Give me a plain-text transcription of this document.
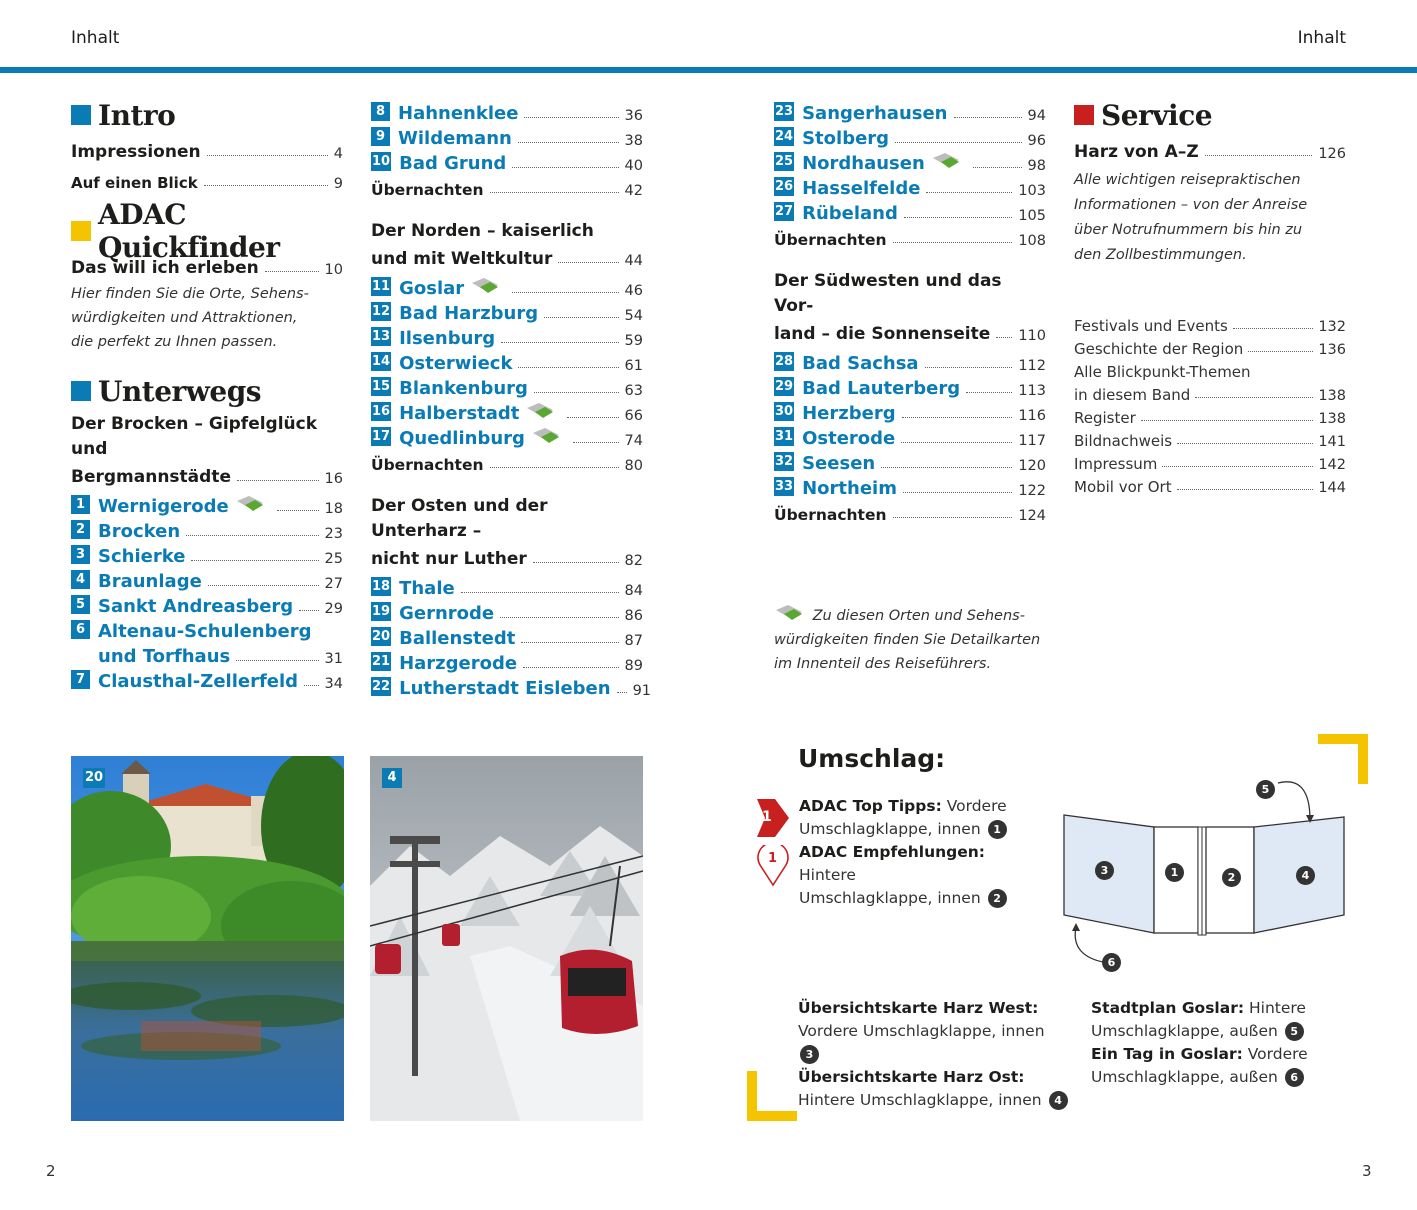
Inhalt	Inhalt
Intro
Impressionen	4
Auf einen Blick	9
ADAC Quickfinder
Das will ich erleben	10
Hier finden Sie die Orte, Sehens-
würdigkeiten und Attraktionen,
die perfekt zu Ihnen passen.
Unterwegs
Der Brocken – Gipfelglück und
Bergmannstädte	16
1 Wernigerode	18
2 Brocken	23
3 Schierke	25
4 Braunlage	27
5 Sankt Andreasberg 29
6 Altenau-Schulenberg
und Torfhaus	31
7 Clausthal-Zellerfeld 34
8 Hahnenklee	36
9 Wildemann	38
10 Bad Grund	40
Übernachten	42
Der Norden – kaiserlich
und mit Weltkultur	44
11 Goslar	46
12 Bad Harzburg	54
13 Ilsenburg	59
14 Osterwieck	61
15 Blankenburg	63
16 Halberstadt	66
17 Quedlinburg	74
Übernachten	80
Der Osten und der Unterharz –
nicht nur Luther	82
18 Thale	84
19 Gernrode	86
20 Ballenstedt	87
21 Harzgerode	89
22 Lutherstadt Eisleben 91
23 Sangerhausen	94
24 Stolberg	96
25 Nordhausen	98
26 Hasselfelde	103
27 Rübeland	105
Übernachten	108
Der Südwesten und das Vor-
land – die Sonnenseite 110
28 Bad Sachsa	112
29 Bad Lauterberg	113
30 Herzberg	116
31 Osterode	117
32 Seesen	120
33 Northeim	122
Übernachten	124
Zu diesen Orten und Sehens-
würdigkeiten finden Sie Detailkarten
im Innenteil des Reiseführers.
Service
Harz von A–Z	126
Alle wichtigen reisepraktischen
Informationen – von der Anreise
über Notrufnummern bis hin zu
den Zollbestimmungen.
Festivals und Events	132
Geschichte der Region	136
Alle Blickpunkt-Themen
in diesem Band	138
Register	138
Bildnachweis	141
Impressum	142
Mobil vor Ort	144
20	4
Umschlag:
1
1
ADAC Top Tipps: Vordere
Umschlagklappe, innen 1
ADAC Empfehlungen: Hintere
Umschlagklappe, innen 2
5
3	1	2	4
6
Übersichtskarte Harz West:
Vordere Umschlagklappe, innen 3
Übersichtskarte Harz Ost:
Hintere Umschlagklappe, innen 4
Stadtplan Goslar: Hintere
Umschlagklappe, außen 5
Ein Tag in Goslar: Vordere
Umschlagklappe, außen 6
2	3
